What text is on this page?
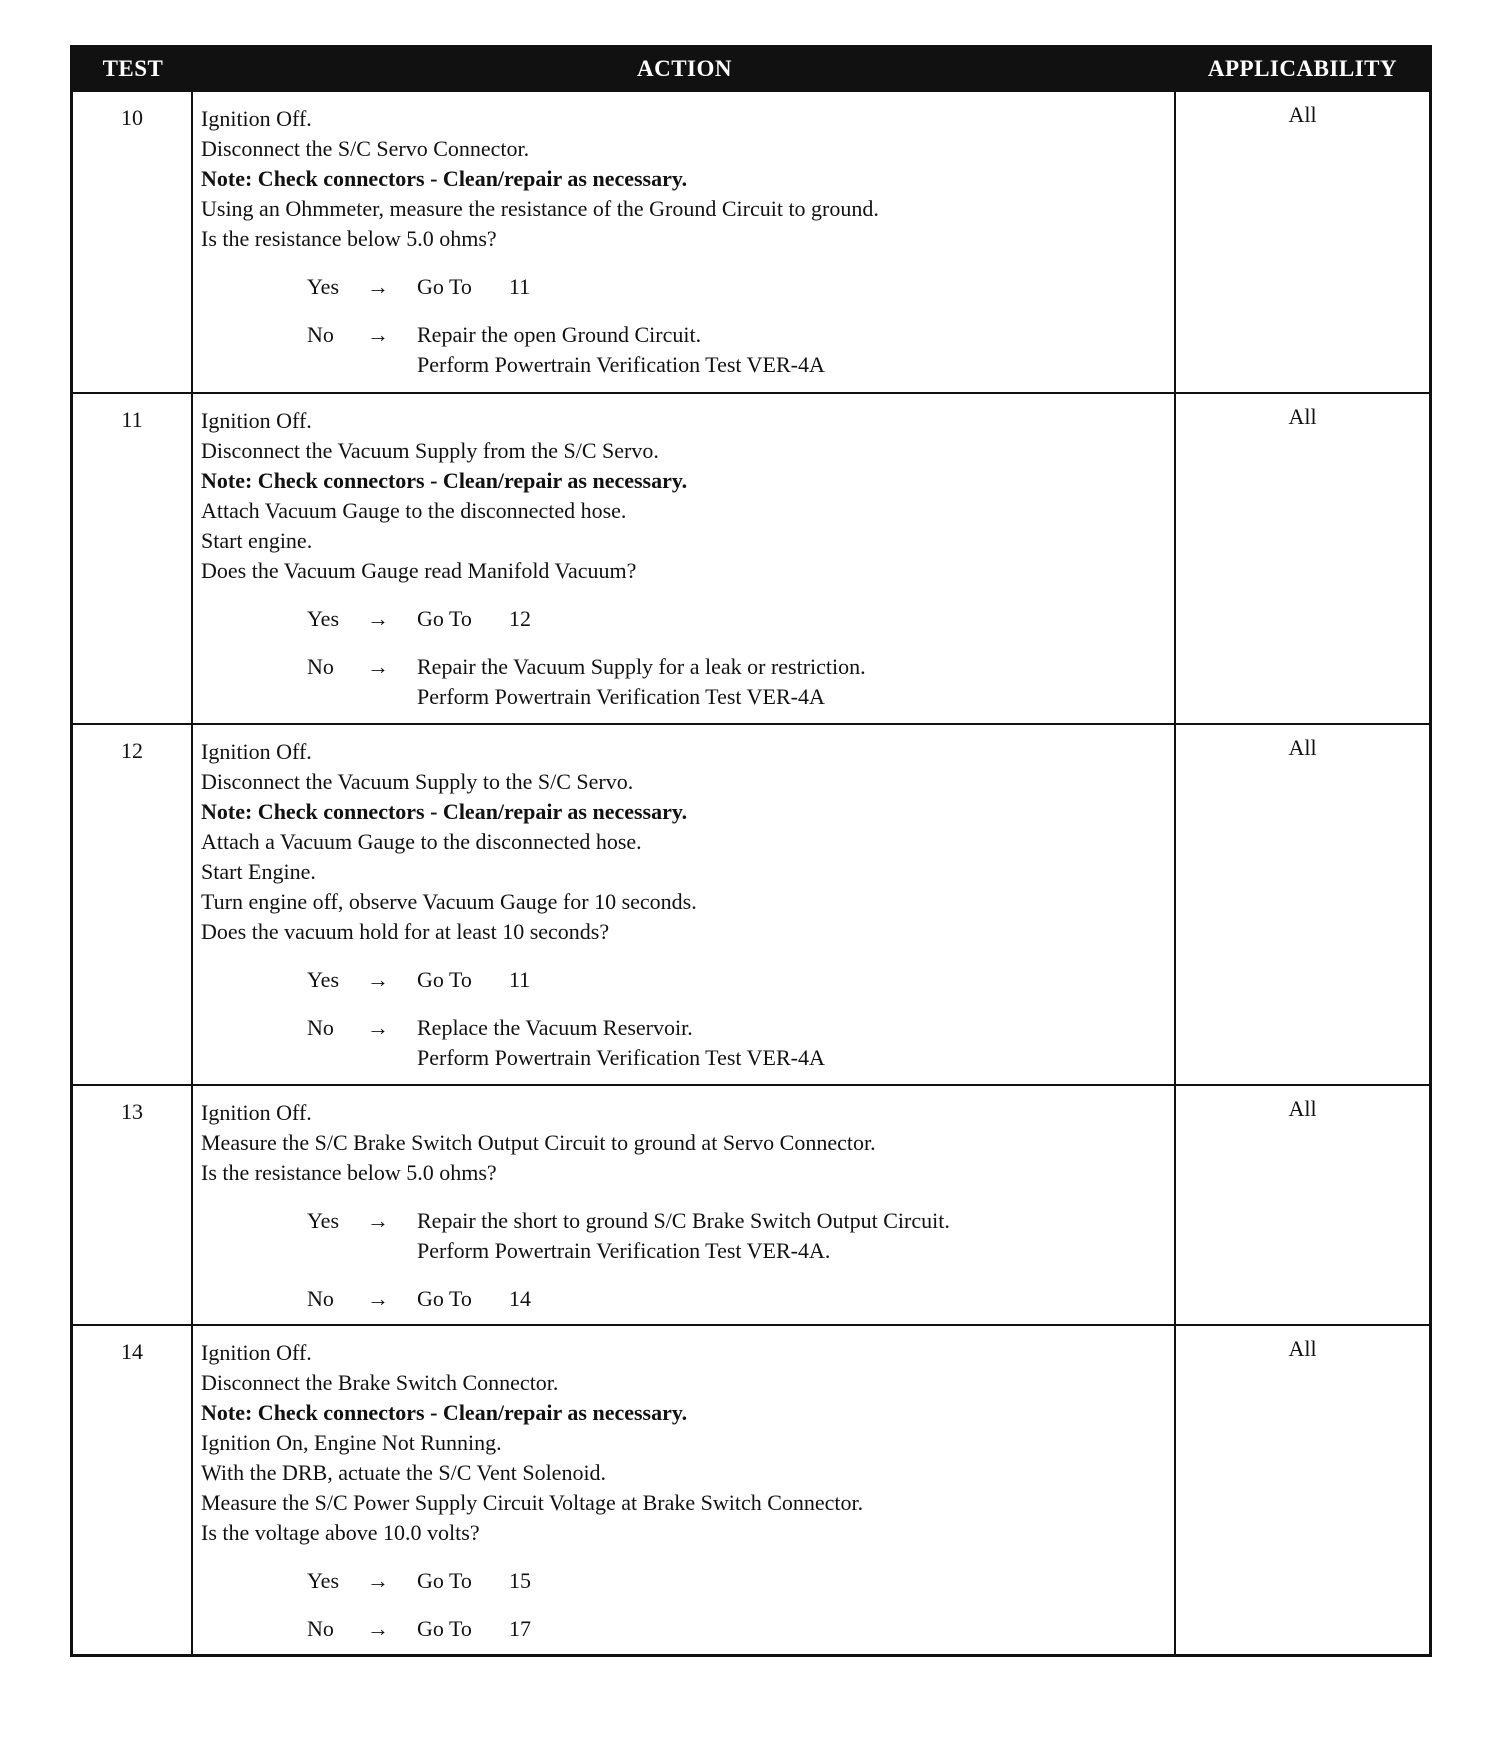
TEST	ACTION	APPLICABILITY
10	Ignition Off.
Disconnect the S/C Servo Connector.
Note: Check connectors - Clean/repair as necessary.
Using an Ohmmeter, measure the resistance of the Ground Circuit to ground.
Is the resistance below 5.0 ohms?
Yes	→	Go To 11
No	→	Repair the open Ground Circuit.
Perform Powertrain Verification Test VER-4A
All
11	Ignition Off.
Disconnect the Vacuum Supply from the S/C Servo.
Note: Check connectors - Clean/repair as necessary.
Attach Vacuum Gauge to the disconnected hose.
Start engine.
Does the Vacuum Gauge read Manifold Vacuum?
Yes	→	Go To 12
No	→	Repair the Vacuum Supply for a leak or restriction.
Perform Powertrain Verification Test VER-4A
All
12	Ignition Off.
Disconnect the Vacuum Supply to the S/C Servo.
Note: Check connectors - Clean/repair as necessary.
Attach a Vacuum Gauge to the disconnected hose.
Start Engine.
Turn engine off, observe Vacuum Gauge for 10 seconds.
Does the vacuum hold for at least 10 seconds?
Yes	→	Go To 11
No	→	Replace the Vacuum Reservoir.
Perform Powertrain Verification Test VER-4A
All
13	Ignition Off.
Measure the S/C Brake Switch Output Circuit to ground at Servo Connector.
Is the resistance below 5.0 ohms?
Yes	→	Repair the short to ground S/C Brake Switch Output Circuit.
Perform Powertrain Verification Test VER-4A.
No	→	Go To 14
All
14	Ignition Off.
Disconnect the Brake Switch Connector.
Note: Check connectors - Clean/repair as necessary.
Ignition On, Engine Not Running.
With the DRB, actuate the S/C Vent Solenoid.
Measure the S/C Power Supply Circuit Voltage at Brake Switch Connector.
Is the voltage above 10.0 volts?
Yes	→	Go To 15
No	→	Go To 17
All
